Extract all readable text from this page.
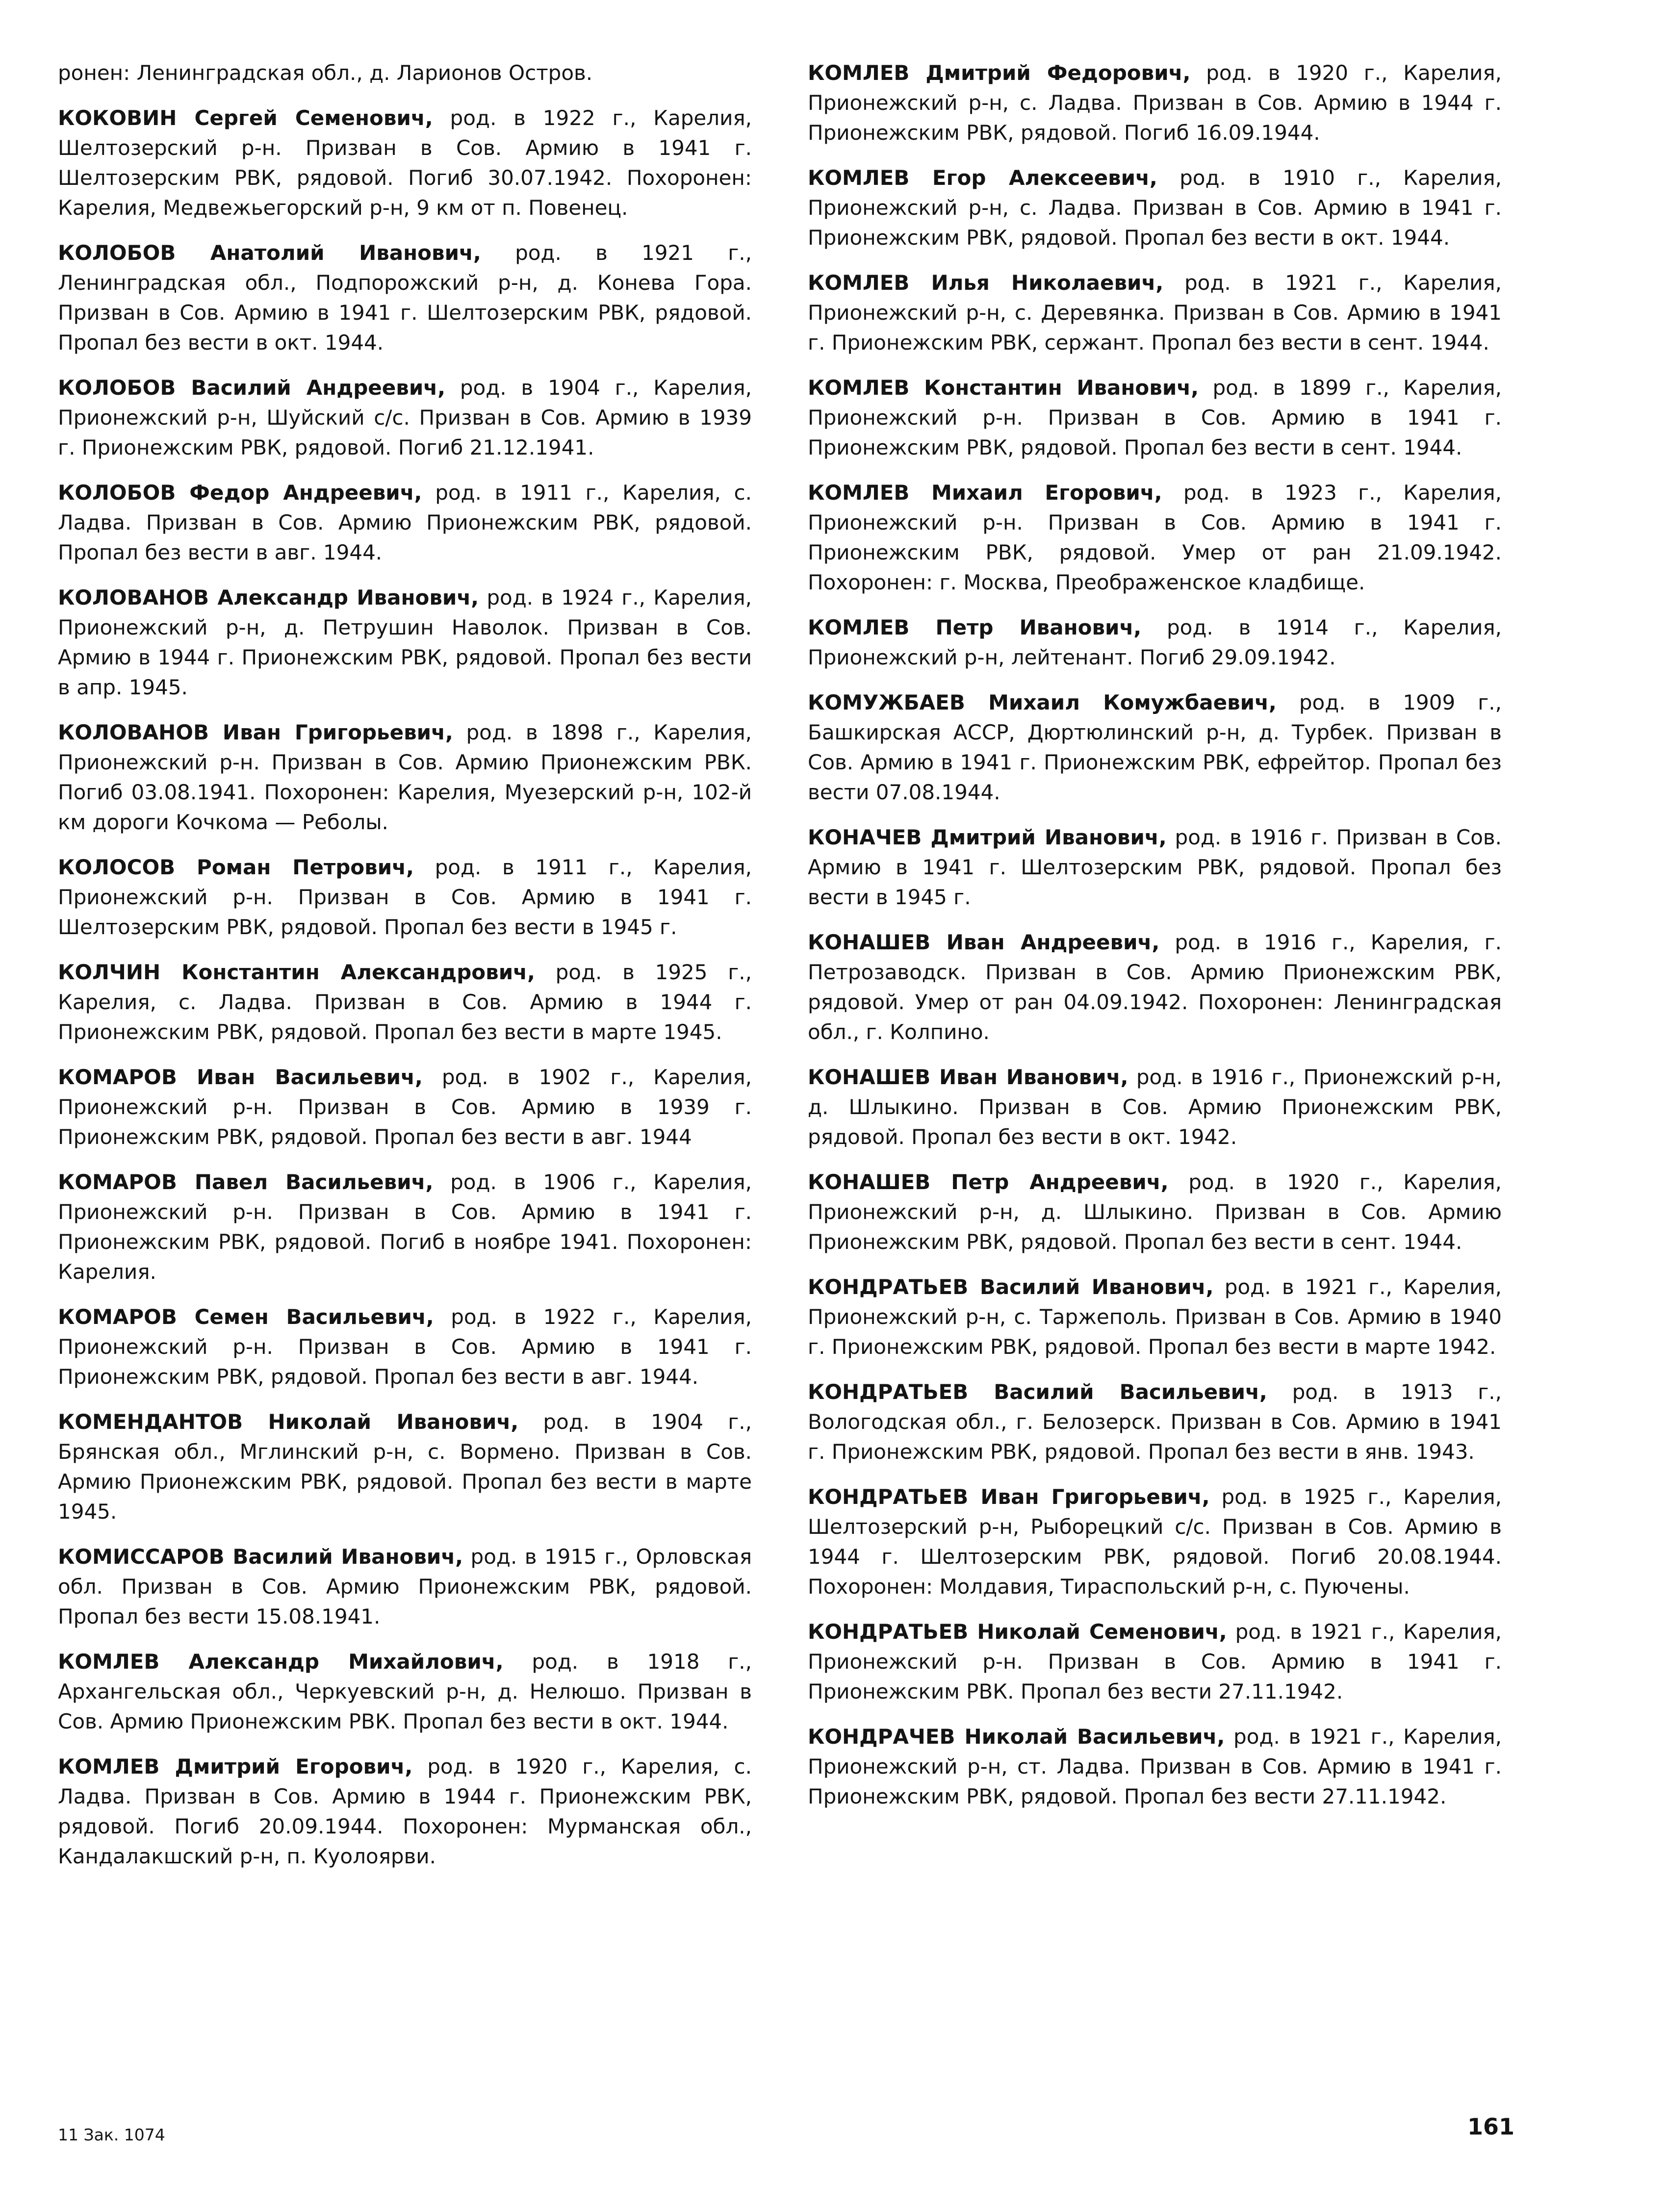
ронен: Ленинградская обл., д. Ларионов Остров.

КОКОВИН Сергей Семенович, род. в 1922 г., Карелия, Шелтозерский р-н. Призван в Сов. Армию в 1941 г. Шелтозерским РВК, рядовой. Погиб 30.07.1942. Похоронен: Карелия, Медвежьегорский р-н, 9 км от п. Повенец.

КОЛОБОВ Анатолий Иванович, род. в 1921 г., Ленинградская обл., Подпорожский р-н, д. Конева Гора. Призван в Сов. Армию в 1941 г. Шелтозерским РВК, рядовой. Пропал без вести в окт. 1944.

КОЛОБОВ Василий Андреевич, род. в 1904 г., Карелия, Прионежский р-н, Шуйский с/с. Призван в Сов. Армию в 1939 г. Прионежским РВК, рядовой. Погиб 21.12.1941.

КОЛОБОВ Федор Андреевич, род. в 1911 г., Карелия, с. Ладва. Призван в Сов. Армию Прионежским РВК, рядовой. Пропал без вести в авг. 1944.

КОЛОВАНОВ Александр Иванович, род. в 1924 г., Карелия, Прионежский р-н, д. Петрушин Наволок. Призван в Сов. Армию в 1944 г. Прионежским РВК, рядовой. Пропал без вести в апр. 1945.

КОЛОВАНОВ Иван Григорьевич, род. в 1898 г., Карелия, Прионежский р-н. Призван в Сов. Армию Прионежским РВК. Погиб 03.08.1941. Похоронен: Карелия, Муезерский р-н, 102-й км дороги Кочкома — Реболы.

КОЛОСОВ Роман Петрович, род. в 1911 г., Карелия, Прионежский р-н. Призван в Сов. Армию в 1941 г. Шелтозерским РВК, рядовой. Пропал без вести в 1945 г.

КОЛЧИН Константин Александрович, род. в 1925 г., Карелия, с. Ладва. Призван в Сов. Армию в 1944 г. Прионежским РВК, рядовой. Пропал без вести в марте 1945.

КОМАРОВ Иван Васильевич, род. в 1902 г., Карелия, Прионежский р-н. Призван в Сов. Армию в 1939 г. Прионежским РВК, рядовой. Пропал без вести в авг. 1944

КОМАРОВ Павел Васильевич, род. в 1906 г., Карелия, Прионежский р-н. Призван в Сов. Армию в 1941 г. Прионежским РВК, рядовой. Погиб в ноябре 1941. Похоронен: Карелия.

КОМАРОВ Семен Васильевич, род. в 1922 г., Карелия, Прионежский р-н. Призван в Сов. Армию в 1941 г. Прионежским РВК, рядовой. Пропал без вести в авг. 1944.

КОМЕНДАНТОВ Николай Иванович, род. в 1904 г., Брянская обл., Мглинский р-н, с. Вормено. Призван в Сов. Армию Прионежским РВК, рядовой. Пропал без вести в марте 1945.

КОМИССАРОВ Василий Иванович, род. в 1915 г., Орловская обл. Призван в Сов. Армию Прионежским РВК, рядовой. Пропал без вести 15.08.1941.

КОМЛЕВ Александр Михайлович, род. в 1918 г., Архангельская обл., Черкуевский р-н, д. Нелюшо. Призван в Сов. Армию Прионежским РВК. Пропал без вести в окт. 1944.

КОМЛЕВ Дмитрий Егорович, род. в 1920 г., Карелия, с. Ладва. Призван в Сов. Армию в 1944 г. Прионежским РВК, рядовой. Погиб 20.09.1944. Похоронен: Мурманская обл., Кандалакшский р-н, п. Куолоярви.

КОМЛЕВ Дмитрий Федорович, род. в 1920 г., Карелия, Прионежский р-н, с. Ладва. Призван в Сов. Армию в 1944 г. Прионежским РВК, рядовой. Погиб 16.09.1944.

КОМЛЕВ Егор Алексеевич, род. в 1910 г., Карелия, Прионежский р-н, с. Ладва. Призван в Сов. Армию в 1941 г. Прионежским РВК, рядовой. Пропал без вести в окт. 1944.

КОМЛЕВ Илья Николаевич, род. в 1921 г., Карелия, Прионежский р-н, с. Деревянка. Призван в Сов. Армию в 1941 г. Прионежским РВК, сержант. Пропал без вести в сент. 1944.

КОМЛЕВ Константин Иванович, род. в 1899 г., Карелия, Прионежский р-н. Призван в Сов. Армию в 1941 г. Прионежским РВК, рядовой. Пропал без вести в сент. 1944.

КОМЛЕВ Михаил Егорович, род. в 1923 г., Карелия, Прионежский р-н. Призван в Сов. Армию в 1941 г. Прионежским РВК, рядовой. Умер от ран 21.09.1942. Похоронен: г. Москва, Преображенское кладбище.

КОМЛЕВ Петр Иванович, род. в 1914 г., Карелия, Прионежский р-н, лейтенант. Погиб 29.09.1942.

КОМУЖБАЕВ Михаил Комужбаевич, род. в 1909 г., Башкирская АССР, Дюртюлинский р-н, д. Турбек. Призван в Сов. Армию в 1941 г. Прионежским РВК, ефрейтор. Пропал без вести 07.08.1944.

КОНАЧЕВ Дмитрий Иванович, род. в 1916 г. Призван в Сов. Армию в 1941 г. Шелтозерским РВК, рядовой. Пропал без вести в 1945 г.

КОНАШЕВ Иван Андреевич, род. в 1916 г., Карелия, г. Петрозаводск. Призван в Сов. Армию Прионежским РВК, рядовой. Умер от ран 04.09.1942. Похоронен: Ленинградская обл., г. Колпино.

КОНАШЕВ Иван Иванович, род. в 1916 г., Прионежский р-н, д. Шлыкино. Призван в Сов. Армию Прионежским РВК, рядовой. Пропал без вести в окт. 1942.

КОНАШЕВ Петр Андреевич, род. в 1920 г., Карелия, Прионежский р-н, д. Шлыкино. Призван в Сов. Армию Прионежским РВК, рядовой. Пропал без вести в сент. 1944.

КОНДРАТЬЕВ Василий Иванович, род. в 1921 г., Карелия, Прионежский р-н, с. Таржеполь. Призван в Сов. Армию в 1940 г. Прионежским РВК, рядовой. Пропал без вести в марте 1942.

КОНДРАТЬЕВ Василий Васильевич, род. в 1913 г., Вологодская обл., г. Белозерск. Призван в Сов. Армию в 1941 г. Прионежским РВК, рядовой. Пропал без вести в янв. 1943.

КОНДРАТЬЕВ Иван Григорьевич, род. в 1925 г., Карелия, Шелтозерский р-н, Рыборецкий с/с. Призван в Сов. Армию в 1944 г. Шелтозерским РВК, рядовой. Погиб 20.08.1944. Похоронен: Молдавия, Тираспольский р-н, с. Пуючены.

КОНДРАТЬЕВ Николай Семенович, род. в 1921 г., Карелия, Прионежский р-н. Призван в Сов. Армию в 1941 г. Прионежским РВК. Пропал без вести 27.11.1942.

КОНДРАЧЕВ Николай Васильевич, род. в 1921 г., Карелия, Прионежский р-н, ст. Ладва. Призван в Сов. Армию в 1941 г. Прионежским РВК, рядовой. Пропал без вести 27.11.1942.

11 Зак. 1074	161
